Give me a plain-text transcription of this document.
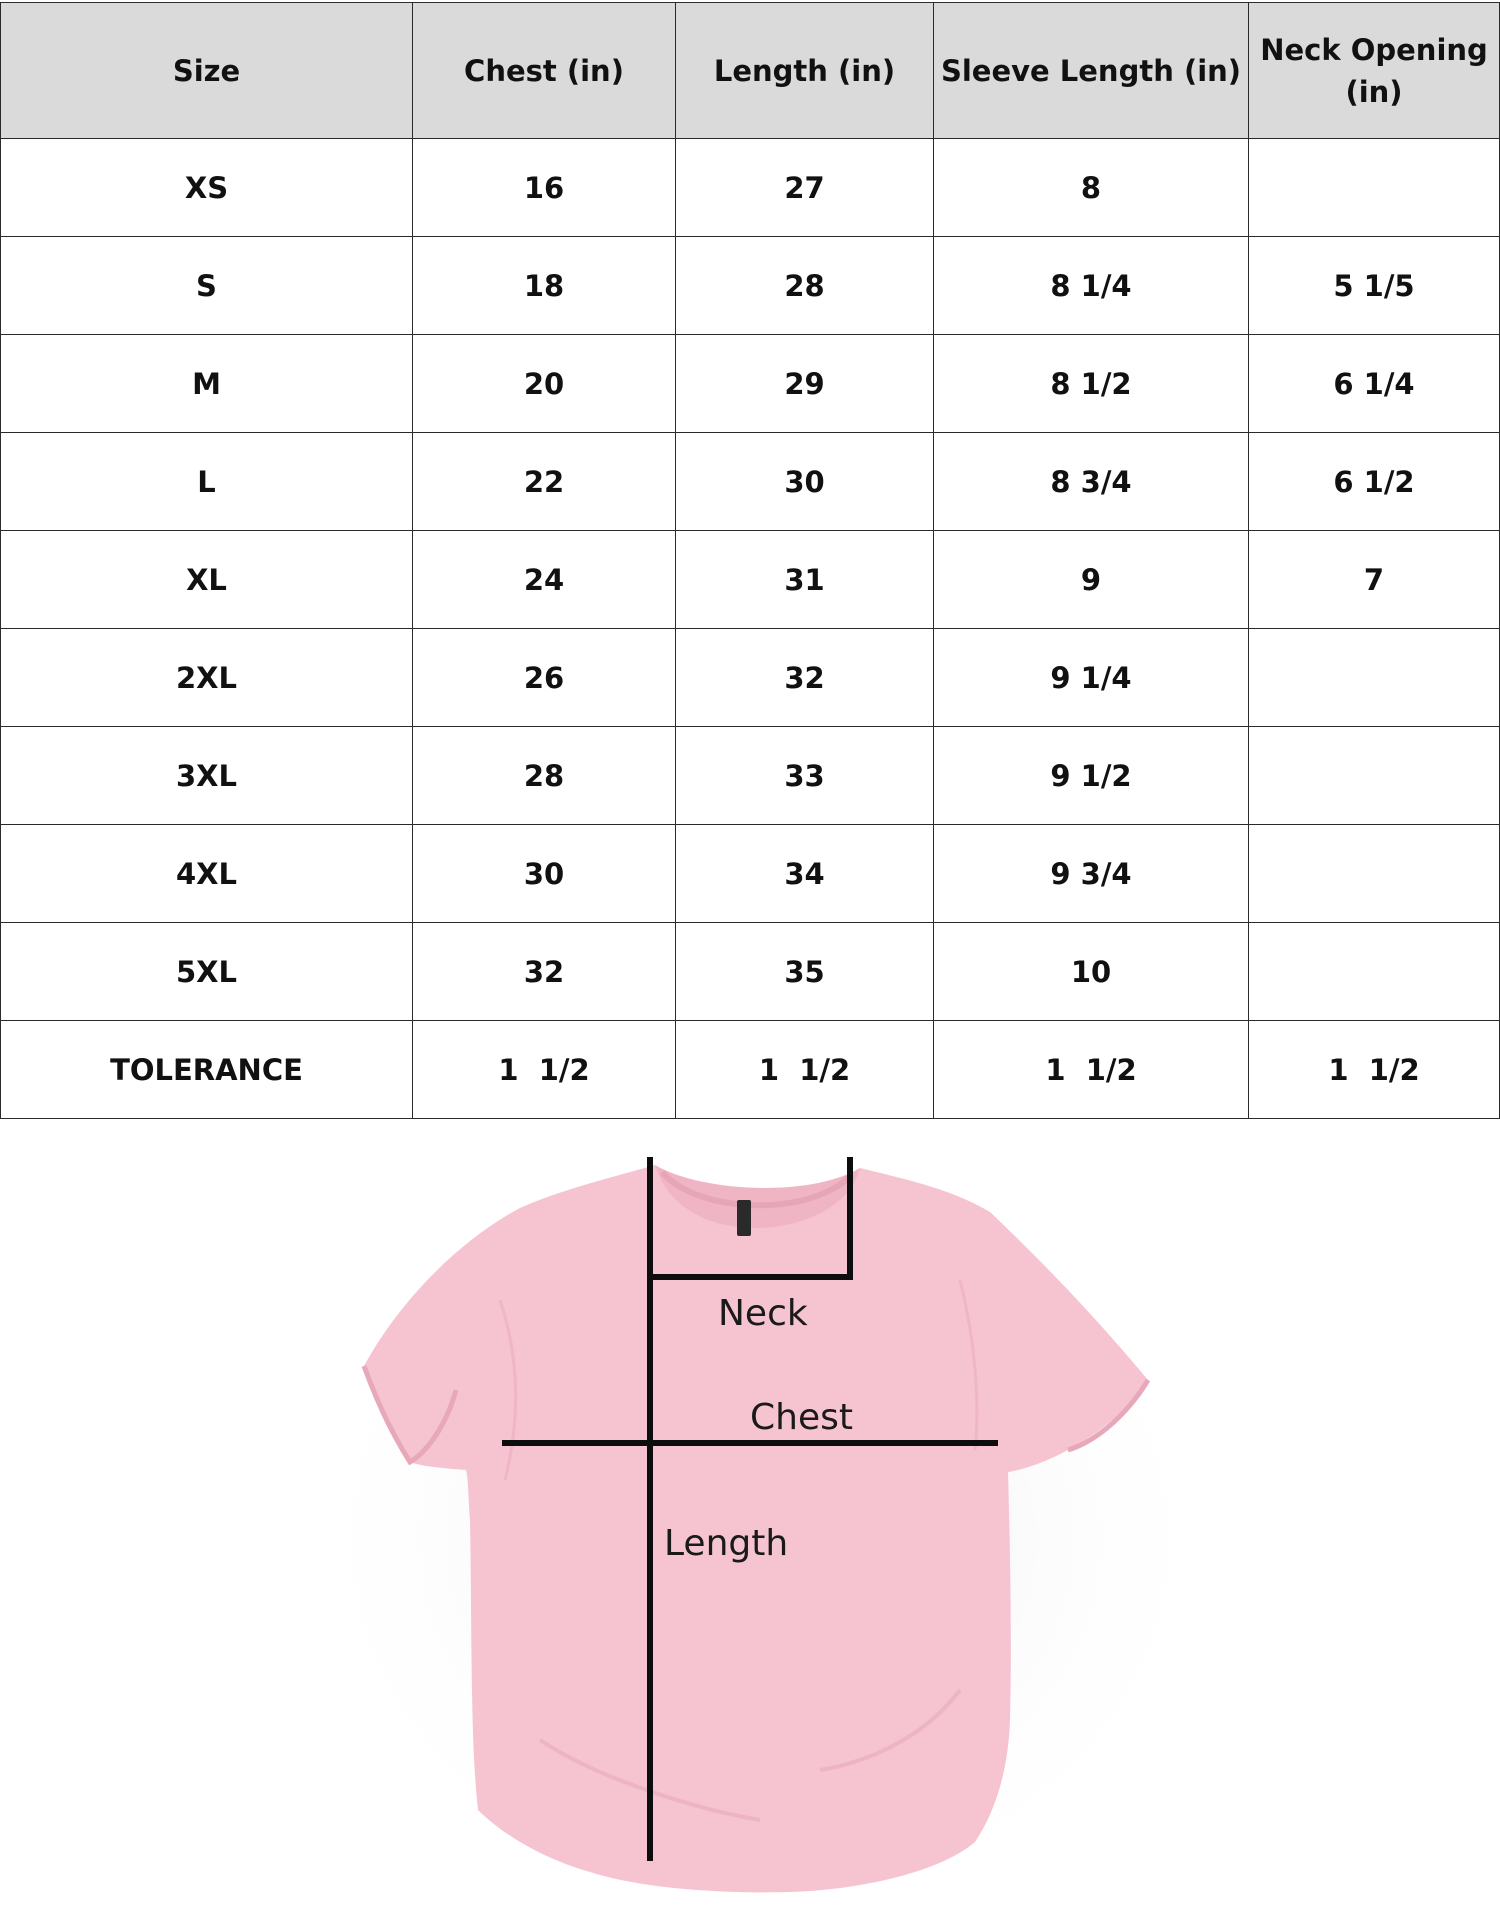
Size	Chest (in)	Length (in)	Sleeve Length (in)	Neck Opening (in)
XS	16	27	8	
S	18	28	8 1/4	5 1/5
M	20	29	8 1/2	6 1/4
L	22	30	8 3/4	6 1/2
XL	24	31	9	7
2XL	26	32	9 1/4	
3XL	28	33	9 1/2	
4XL	30	34	9 3/4	
5XL	32	35	10	
TOLERANCE	1  1/2	1  1/2	1  1/2	1  1/2
Neck
Chest
Length
